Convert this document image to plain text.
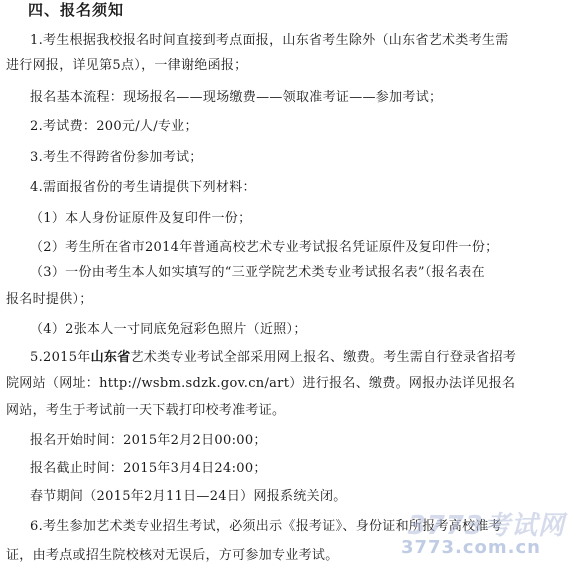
四、报名须知
1.考生根据我校报名时间直接到考点面报，山东省考生除外（山东省艺术类考生需
进行网报，详见第5点），一律谢绝函报；
报名基本流程：现场报名——现场缴费——领取准考证——参加考试；
2.考试费：200元/人/专业；
3.考生不得跨省份参加考试；
4.需面报省份的考生请提供下列材料：
（1）本人身份证原件及复印件一份；
（2）考生所在省市2014年普通高校艺术专业考试报名凭证原件及复印件一份；
（3）一份由考生本人如实填写的“三亚学院艺术类专业考试报名表”（报名表在
报名时提供）；
（4）2张本人一寸同底免冠彩色照片（近照）；
5.2015年山东省艺术类专业考试全部采用网上报名、缴费。考生需自行登录省招考
院网站（网址：http://wsbm.sdzk.gov.cn/art）进行报名、缴费。网报办法详见报名
网站，考生于考试前一天下载打印校考准考证。
报名开始时间：2015年2月2日00:00；
报名截止时间：2015年3月4日24:00；
春节期间（2015年2月11日—24日）网报系统关闭。
6.考生参加艺术类专业招生考试，必须出示《报考证》、身份证和所报考高校准考
证，由考点或招生院校核对无误后，方可参加专业考试。
3773考试网
3773.com.cn
